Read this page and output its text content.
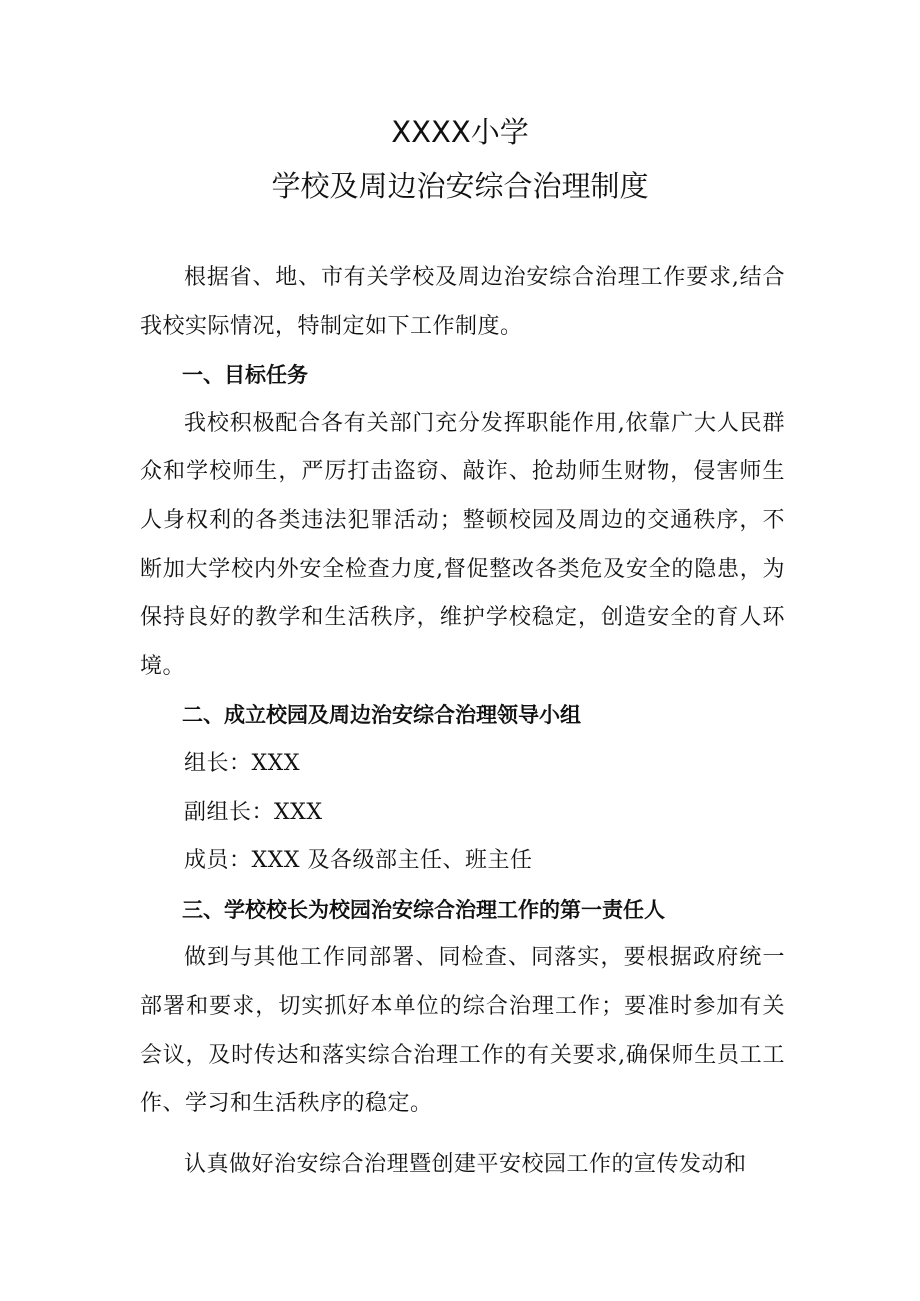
XXXX小学
学校及周边治安综合治理制度

根据省、地、市有关学校及周边治安综合治理工作要求,结合我校实际情况，特制定如下工作制度。

一、目标任务

我校积极配合各有关部门充分发挥职能作用,依靠广大人民群众和学校师生，严厉打击盗窃、敲诈、抢劫师生财物，侵害师生人身权利的各类违法犯罪活动；整顿校园及周边的交通秩序，不断加大学校内外安全检查力度,督促整改各类危及安全的隐患，为保持良好的教学和生活秩序，维护学校稳定，创造安全的育人环境。

二、成立校园及周边治安综合治理领导小组

组长：XXX

副组长：XXX

成员：XXX 及各级部主任、班主任

三、学校校长为校园治安综合治理工作的第一责任人

做到与其他工作同部署、同检查、同落实，要根据政府统一部署和要求，切实抓好本单位的综合治理工作；要准时参加有关会议，及时传达和落实综合治理工作的有关要求,确保师生员工工作、学习和生活秩序的稳定。

认真做好治安综合治理暨创建平安校园工作的宣传发动和
